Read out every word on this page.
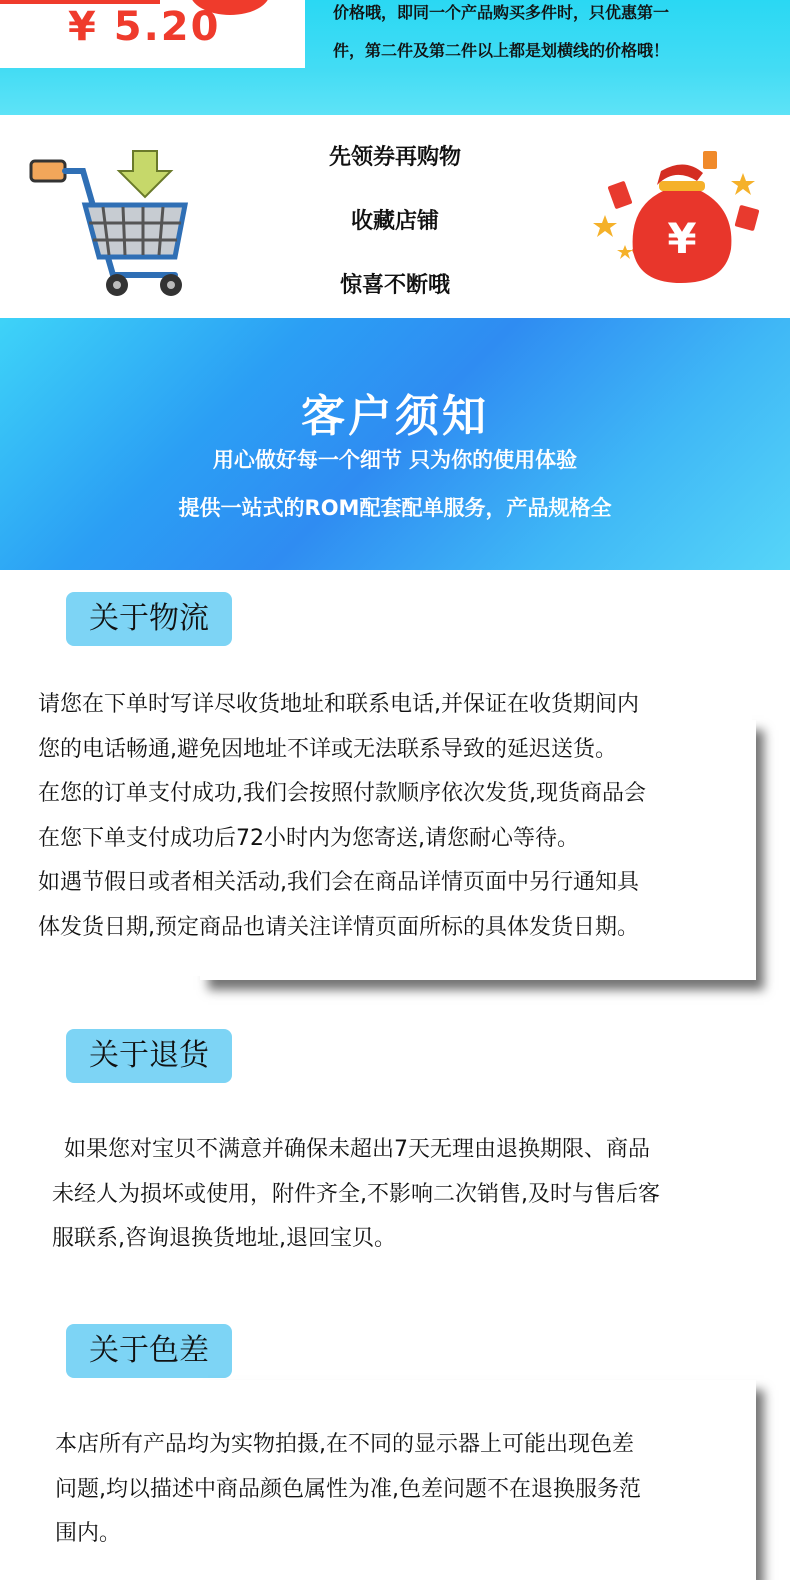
¥ 5.20	价格哦，即同一个产品购买多件时，只优惠第一
件，第二件及第二件以上都是划横线的价格哦！
先领券再购物
收藏店铺
惊喜不断哦
¥
客户须知
用心做好每一个细节 只为你的使用体验
提供一站式的ROM配套配单服务，产品规格全
关于物流
请您在下单时写详尽收货地址和联系电话,并保证在收货期间内
您的电话畅通,避免因地址不详或无法联系导致的延迟送货。
在您的订单支付成功,我们会按照付款顺序依次发货,现货商品会
在您下单支付成功后72小时内为您寄送,请您耐心等待。
如遇节假日或者相关活动,我们会在商品详情页面中另行通知具
体发货日期,预定商品也请关注详情页面所标的具体发货日期。
关于退货
如果您对宝贝不满意并确保未超出7天无理由退换期限、商品
未经人为损坏或使用，附件齐全,不影响二次销售,及时与售后客
服联系,咨询退换货地址,退回宝贝。
关于色差
本店所有产品均为实物拍摄,在不同的显示器上可能出现色差
问题,均以描述中商品颜色属性为准,色差问题不在退换服务范
围内。
